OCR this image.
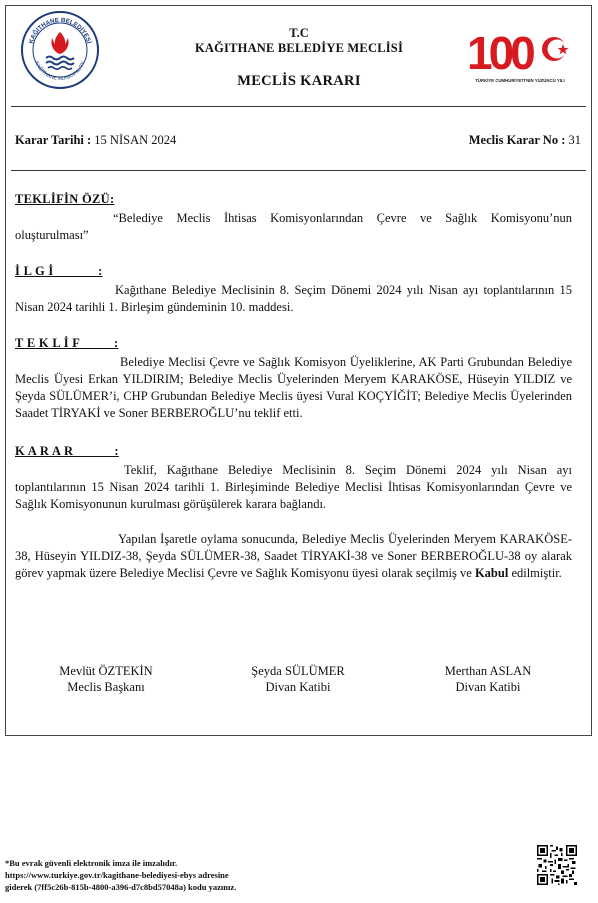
KAĞITHANE BELEDİYESİ
KAĞITHANE MUNICIPALITY	100
TÜRKİYE CUMHURİYETİ'NİN YÜZÜNCÜ YILI
T.C
KAĞITHANE BELEDİYE MECLİSİ
MECLİS KARARI
Karar Tarihi : 15 NİSAN 2024	Meclis Karar No : 31
TEKLİFİN ÖZÜ:
“Belediye Meclis İhtisas Komisyonlarından Çevre ve Sağlık Komisyonu’nun oluşturulması”
İ L G İ             :
Kağıthane Belediye Meclisinin 8. Seçim Dönemi 2024 yılı Nisan ayı toplantılarının 15 Nisan 2024 tarihli 1. Birleşim gündeminin 10. maddesi.
T E K L İ F          :
Belediye Meclisi Çevre ve Sağlık Komisyon Üyeliklerine, AK Parti Grubundan Belediye Meclis Üyesi Erkan YILDIRIM; Belediye Meclis Üyelerinden Meryem KARAKÖSE, Hüseyin YILDIZ ve Şeyda SÜLÜMER’i, CHP Grubundan Belediye Meclis üyesi Vural KOÇYİĞİT; Belediye Meclis Üyelerinden Saadet TİRYAKİ ve Soner BERBEROĞLU’nu teklif etti.
K A R A R            :
Teklif, Kağıthane Belediye Meclisinin 8. Seçim Dönemi 2024 yılı Nisan ayı toplantılarının 15 Nisan 2024 tarihli 1. Birleşiminde Belediye Meclisi İhtisas Komisyonlarından Çevre ve Sağlık Komisyonunun kurulması görüşülerek karara bağlandı.
Yapılan İşaretle oylama sonucunda, Belediye Meclis Üyelerinden Meryem KARAKÖSE-38, Hüseyin YILDIZ-38, Şeyda SÜLÜMER-38, Saadet TİRYAKİ-38 ve Soner BERBEROĞLU-38 oy alarak görev yapmak üzere Belediye Meclisi Çevre ve Sağlık Komisyonu üyesi olarak seçilmiş ve Kabul edilmiştir.
Mevlüt ÖZTEKİN
Meclis Başkanı
Şeyda SÜLÜMER
Divan Katibi
Merthan ASLAN
Divan Katibi
*Bu evrak güvenli elektronik imza ile imzalıdır.
https://www.turkiye.gov.tr/kagithane-belediyesi-ebys adresine
giderek (7ff5c26b-815b-4800-a396-d7c8bd57048a) kodu yazınız.
